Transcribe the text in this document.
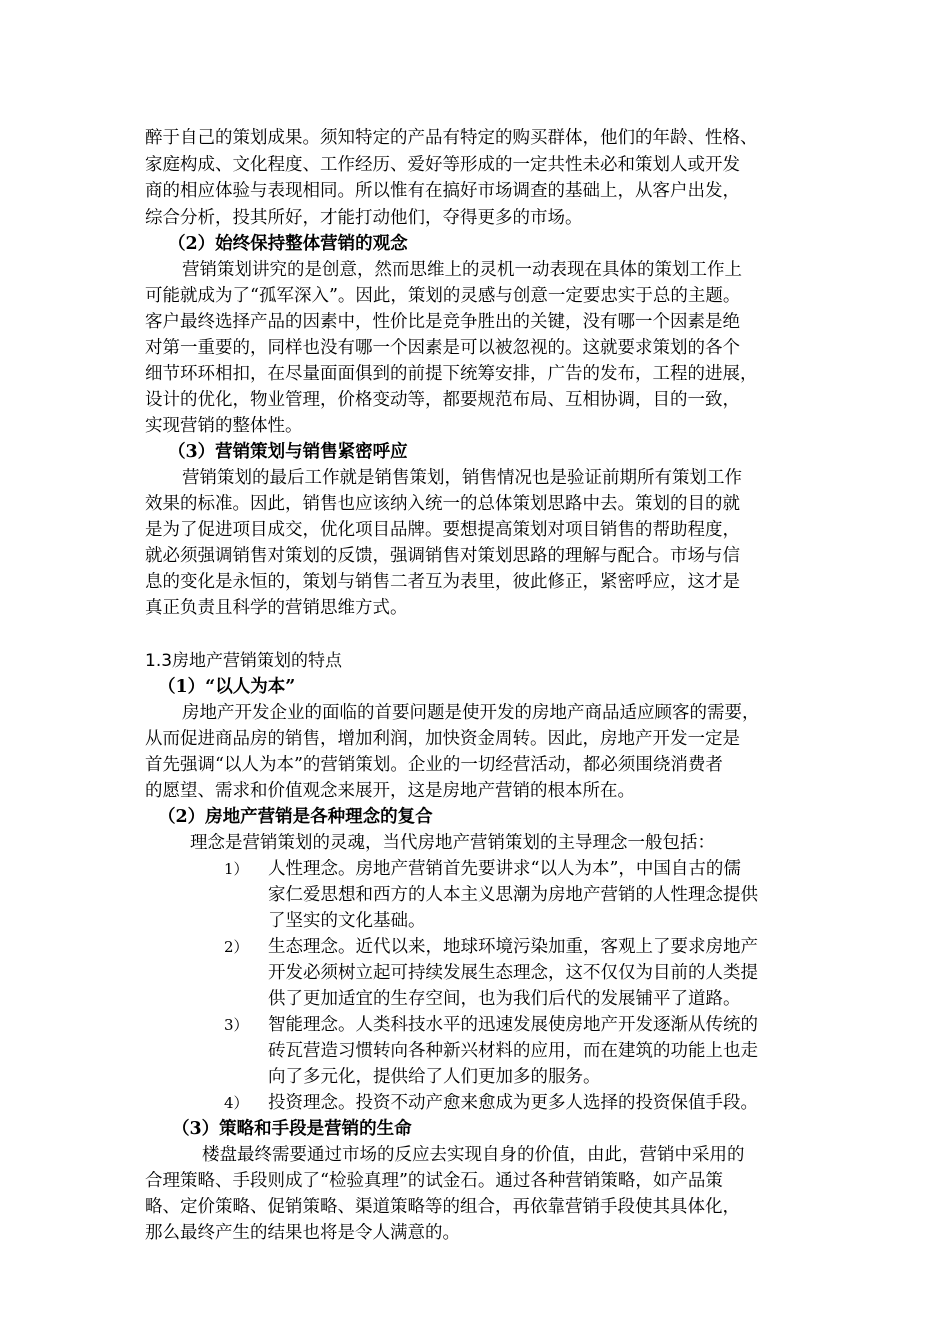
醉于自己的策划成果。须知特定的产品有特定的购买群体，他们的年龄、性格、
家庭构成、文化程度、工作经历、爱好等形成的一定共性未必和策划人或开发
商的相应体验与表现相同。所以惟有在搞好市场调查的基础上，从客户出发，
综合分析，投其所好，才能打动他们，夺得更多的市场。
（2）始终保持整体营销的观念
营销策划讲究的是创意，然而思维上的灵机一动表现在具体的策划工作上
可能就成为了“孤军深入”。因此，策划的灵感与创意一定要忠实于总的主题。
客户最终选择产品的因素中，性价比是竞争胜出的关键，没有哪一个因素是绝
对第一重要的，同样也没有哪一个因素是可以被忽视的。这就要求策划的各个
细节环环相扣，在尽量面面俱到的前提下统筹安排，广告的发布，工程的进展，
设计的优化，物业管理，价格变动等，都要规范布局、互相协调，目的一致，
实现营销的整体性。
（3）营销策划与销售紧密呼应
营销策划的最后工作就是销售策划，销售情况也是验证前期所有策划工作
效果的标准。因此，销售也应该纳入统一的总体策划思路中去。策划的目的就
是为了促进项目成交，优化项目品牌。要想提高策划对项目销售的帮助程度，
就必须强调销售对策划的反馈，强调销售对策划思路的理解与配合。市场与信
息的变化是永恒的，策划与销售二者互为表里，彼此修正，紧密呼应，这才是
真正负责且科学的营销思维方式。
1.3房地产营销策划的特点
（1）“以人为本”
房地产开发企业的面临的首要问题是使开发的房地产商品适应顾客的需要，
从而促进商品房的销售，增加利润，加快资金周转。因此，房地产开发一定是
首先强调“以人为本”的营销策划。企业的一切经营活动，都必须围绕消费者
的愿望、需求和价值观念来展开，这是房地产营销的根本所在。
（2）房地产营销是各种理念的复合
理念是营销策划的灵魂，当代房地产营销策划的主导理念一般包括：
1） 人性理念。房地产营销首先要讲求“以人为本”，中国自古的儒
家仁爱思想和西方的人本主义思潮为房地产营销的人性理念提供
了坚实的文化基础。
2） 生态理念。近代以来，地球环境污染加重，客观上了要求房地产
开发必须树立起可持续发展生态理念，这不仅仅为目前的人类提
供了更加适宜的生存空间，也为我们后代的发展铺平了道路。
3） 智能理念。人类科技水平的迅速发展使房地产开发逐渐从传统的
砖瓦营造习惯转向各种新兴材料的应用，而在建筑的功能上也走
向了多元化，提供给了人们更加多的服务。
4） 投资理念。投资不动产愈来愈成为更多人选择的投资保值手段。
（3）策略和手段是营销的生命
楼盘最终需要通过市场的反应去实现自身的价值，由此，营销中采用的
合理策略、手段则成了“检验真理”的试金石。通过各种营销策略，如产品策
略、定价策略、促销策略、渠道策略等的组合，再依靠营销手段使其具体化，
那么最终产生的结果也将是令人满意的。
